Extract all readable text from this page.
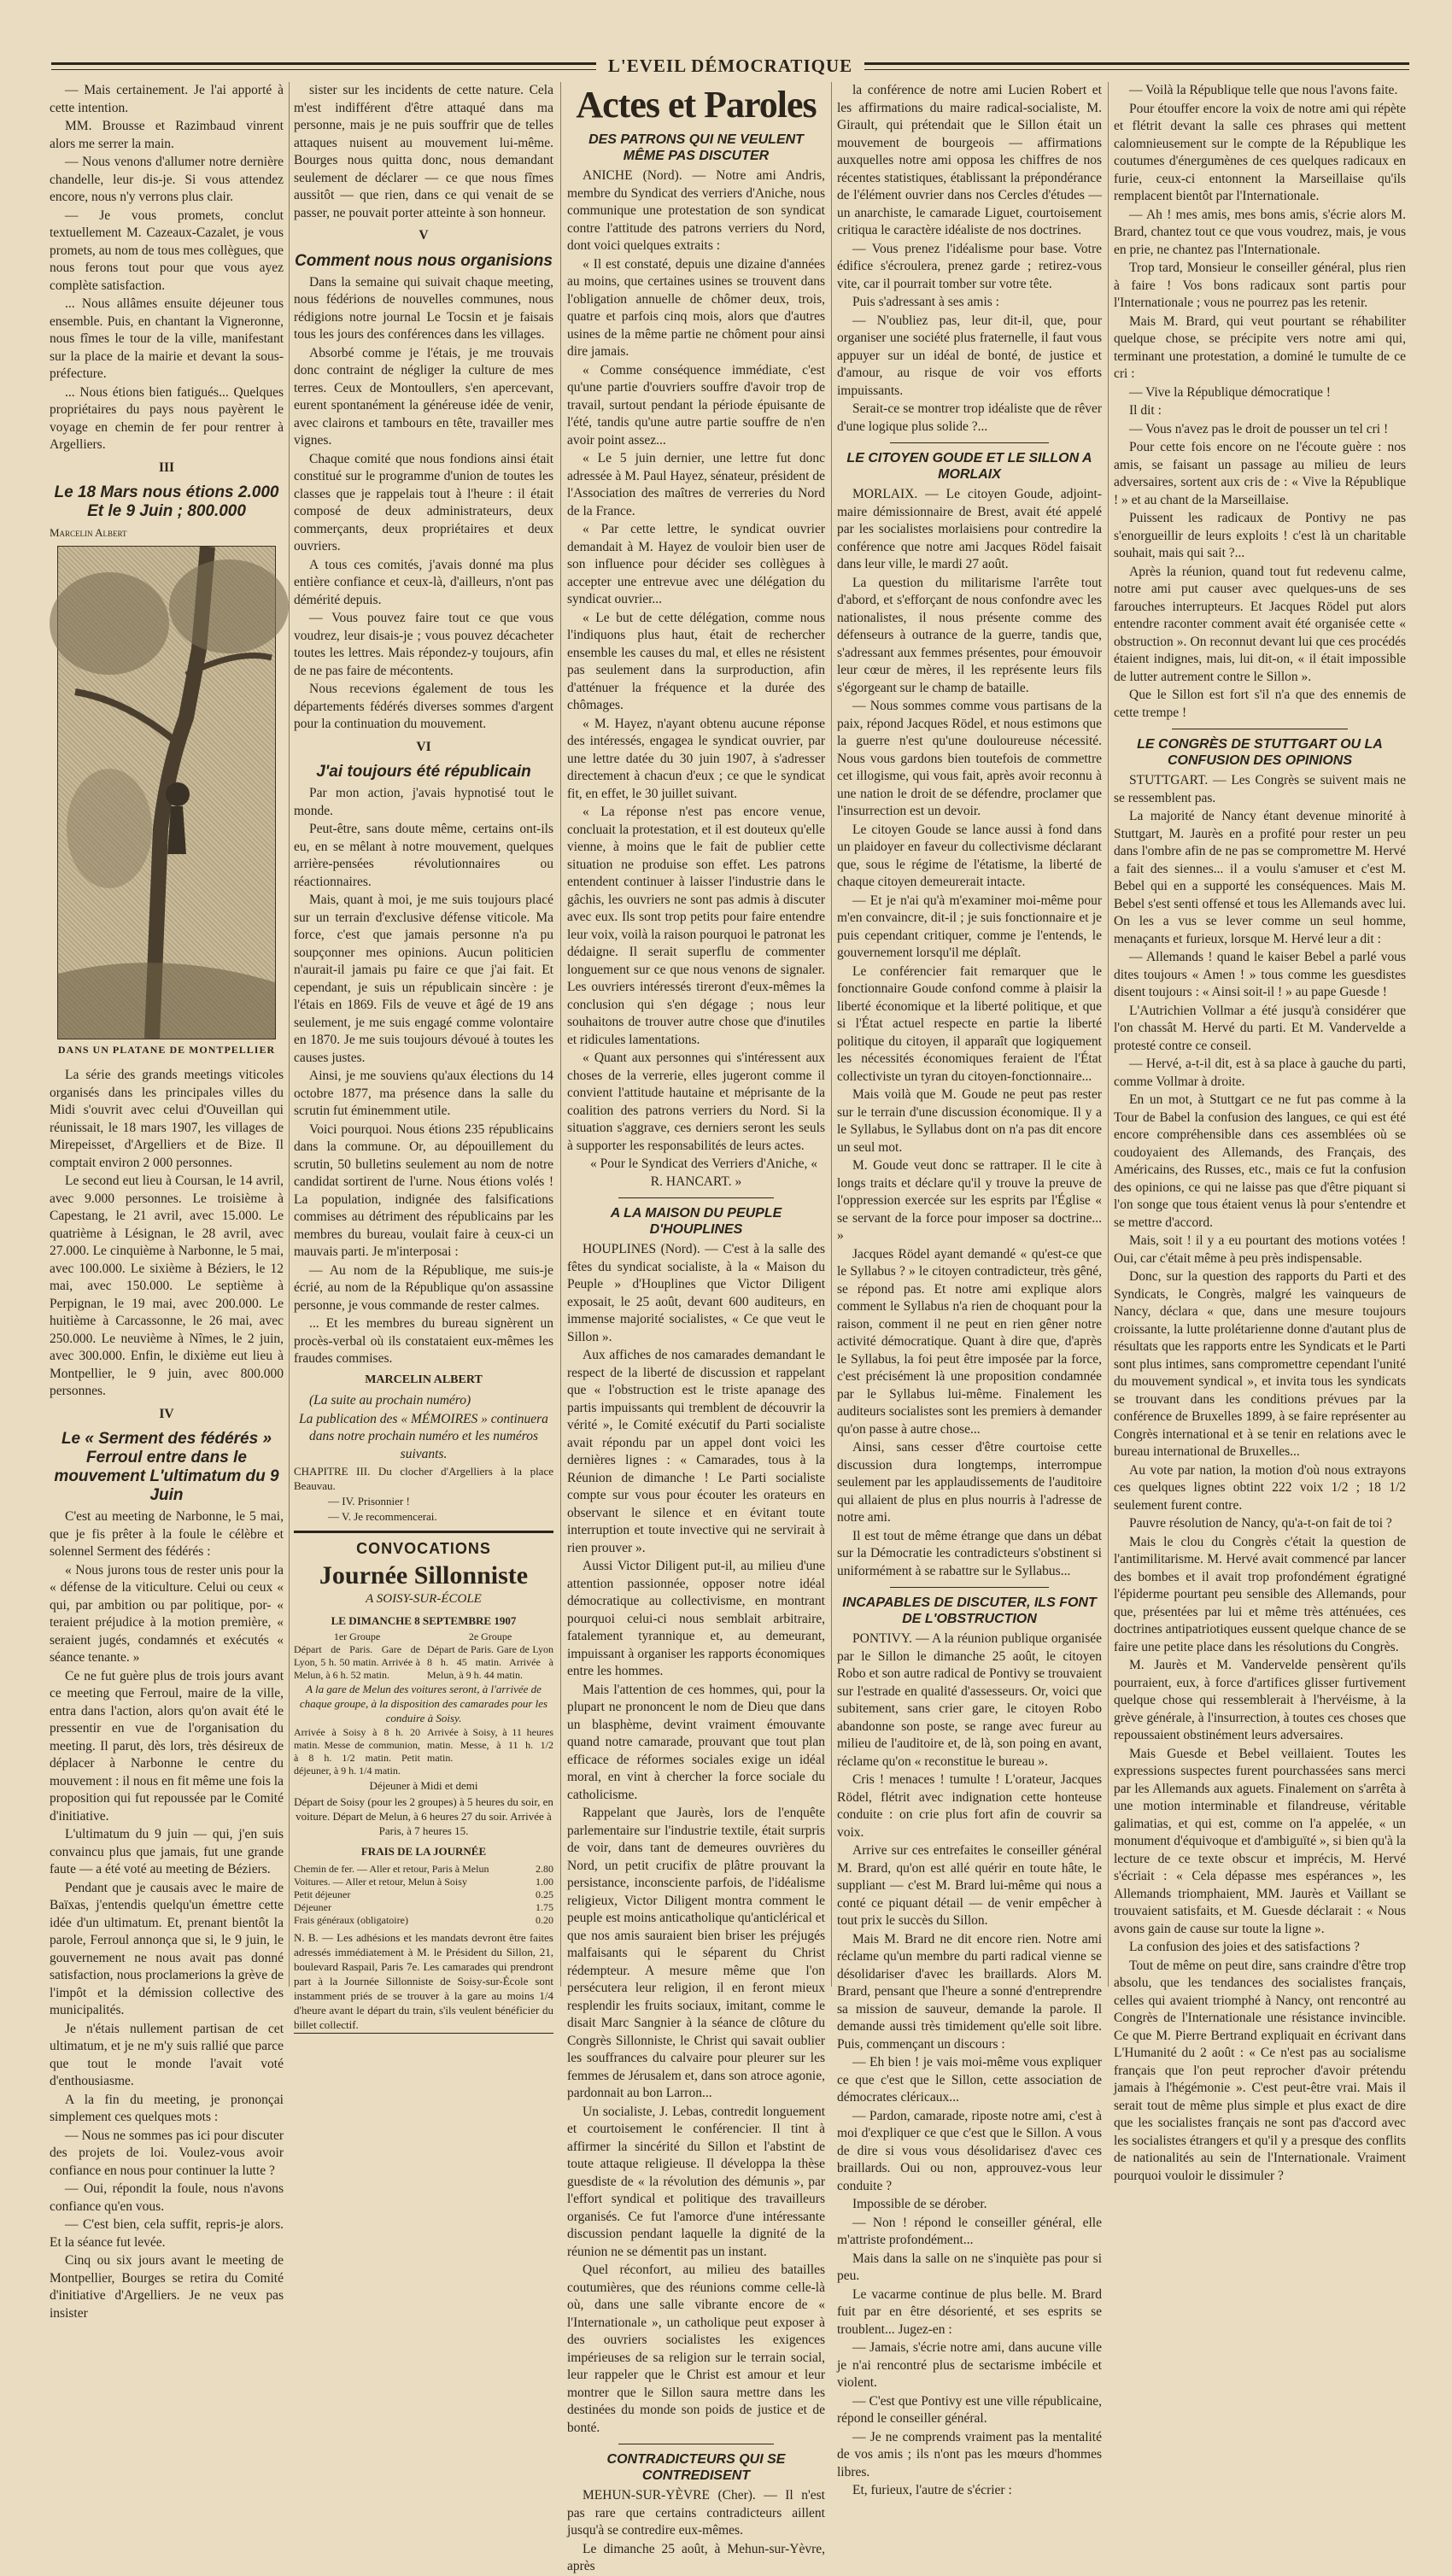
L'EVEIL DÉMOCRATIQUE

— Mais certainement. Je l'ai apporté à cette intention.

MM. Brousse et Razimbaud vinrent alors me serrer la main.

— Nous venons d'allumer notre dernière chandelle, leur dis-je. Si vous attendez encore, nous n'y verrons plus clair.

— Je vous promets, conclut textuellement M. Cazeaux-Cazalet, je vous promets, au nom de tous mes collègues, que nous ferons tout pour que vous ayez complète satisfaction.

... Nous allâmes ensuite déjeuner tous ensemble. Puis, en chantant la Vigneronne, nous fîmes le tour de la ville, manifestant sur la place de la mairie et devant la sous-préfecture.

... Nous étions bien fatigués... Quelques propriétaires du pays nous payèrent le voyage en chemin de fer pour rentrer à Argelliers.

III
Le 18 Mars nous étions 2.000 Et le 9 Juin ; 800.000
Marcelin Albert
DANS UN PLATANE DE MONTPELLIER

La série des grands meetings viticoles organisés dans les principales villes du Midi s'ouvrit avec celui d'Ouveillan qui réunissait, le 18 mars 1907, les villages de Mirepeisset, d'Argelliers et de Bize. Il comptait environ 2 000 personnes.

Le second eut lieu à Coursan, le 14 avril, avec 9.000 personnes. Le troisième à Capestang, le 21 avril, avec 15.000. Le quatrième à Lésignan, le 28 avril, avec 27.000. Le cinquième à Narbonne, le 5 mai, avec 100.000. Le sixième à Béziers, le 12 mai, avec 150.000. Le septième à Perpignan, le 19 mai, avec 200.000. Le huitième à Carcassonne, le 26 mai, avec 250.000. Le neuvième à Nîmes, le 2 juin, avec 300.000. Enfin, le dixième eut lieu à Montpellier, le 9 juin, avec 800.000 personnes.

IV
Le « Serment des fédérés » Ferroul entre dans le mouvement L'ultimatum du 9 Juin

C'est au meeting de Narbonne, le 5 mai, que je fis prêter à la foule le célèbre et solennel Serment des fédérés :

« Nous jurons tous de rester unis pour la « défense de la viticulture. Celui ou ceux « qui, par ambition ou par politique, por- « teraient préjudice à la motion première, « seraient jugés, condamnés et exécutés « séance tenante. »

Ce ne fut guère plus de trois jours avant ce meeting que Ferroul, maire de la ville, entra dans l'action, alors qu'on avait été le pressentir en vue de l'organisation du meeting. Il parut, dès lors, très désireux de déplacer à Narbonne le centre du mouvement : il nous en fit même une fois la proposition qui fut repoussée par le Comité d'initiative.

L'ultimatum du 9 juin — qui, j'en suis convaincu plus que jamais, fut une grande faute — a été voté au meeting de Béziers.

Pendant que je causais avec le maire de Baïxas, j'entendis quelqu'un émettre cette idée d'un ultimatum. Et, prenant bientôt la parole, Ferroul annonça que si, le 9 juin, le gouvernement ne nous avait pas donné satisfaction, nous proclamerions la grève de l'impôt et la démission collective des municipalités.

Je n'étais nullement partisan de cet ultimatum, et je ne m'y suis rallié que parce que tout le monde l'avait voté d'enthousiasme.

A la fin du meeting, je prononçai simplement ces quelques mots :

— Nous ne sommes pas ici pour discuter des projets de loi. Voulez-vous avoir confiance en nous pour continuer la lutte ?

— Oui, répondit la foule, nous n'avons confiance qu'en vous.

— C'est bien, cela suffit, repris-je alors. Et la séance fut levée.

Cinq ou six jours avant le meeting de Montpellier, Bourges se retira du Comité d'initiative d'Argelliers. Je ne veux pas insister

sister sur les incidents de cette nature. Cela m'est indifférent d'être attaqué dans ma personne, mais je ne puis souffrir que de telles attaques nuisent au mouvement lui-même. Bourges nous quitta donc, nous demandant seulement de déclarer — ce que nous fîmes aussitôt — que rien, dans ce qui venait de se passer, ne pouvait porter atteinte à son honneur.

V
Comment nous nous organisions

Dans la semaine qui suivait chaque meeting, nous fédérions de nouvelles communes, nous rédigions notre journal Le Tocsin et je faisais tous les jours des conférences dans les villages.

Absorbé comme je l'étais, je me trouvais donc contraint de négliger la culture de mes terres. Ceux de Montoullers, s'en apercevant, eurent spontanément la généreuse idée de venir, avec clairons et tambours en tête, travailler mes vignes.

Chaque comité que nous fondions ainsi était constitué sur le programme d'union de toutes les classes que je rappelais tout à l'heure : il était composé de deux administrateurs, deux commerçants, deux propriétaires et deux ouvriers.

A tous ces comités, j'avais donné ma plus entière confiance et ceux-là, d'ailleurs, n'ont pas démérité depuis.

— Vous pouvez faire tout ce que vous voudrez, leur disais-je ; vous pouvez décacheter toutes les lettres. Mais répondez-y toujours, afin de ne pas faire de mécontents.

Nous recevions également de tous les départements fédérés diverses sommes d'argent pour la continuation du mouvement.

VI
J'ai toujours été républicain

Par mon action, j'avais hypnotisé tout le monde.

Peut-être, sans doute même, certains ont-ils eu, en se mêlant à notre mouvement, quelques arrière-pensées révolutionnaires ou réactionnaires.

Mais, quant à moi, je me suis toujours placé sur un terrain d'exclusive défense viticole. Ma force, c'est que jamais personne n'a pu soupçonner mes opinions. Aucun politicien n'aurait-il jamais pu faire ce que j'ai fait. Et cependant, je suis un républicain sincère : je l'étais en 1869. Fils de veuve et âgé de 19 ans seulement, je me suis engagé comme volontaire en 1870. Je me suis toujours dévoué à toutes les causes justes.

Ainsi, je me souviens qu'aux élections du 14 octobre 1877, ma présence dans la salle du scrutin fut éminemment utile.

Voici pourquoi. Nous étions 235 républicains dans la commune. Or, au dépouillement du scrutin, 50 bulletins seulement au nom de notre candidat sortirent de l'urne. Nous étions volés ! La population, indignée des falsifications commises au détriment des républicains par les membres du bureau, voulait faire à ceux-ci un mauvais parti. Je m'interposai :

— Au nom de la République, me suis-je écrié, au nom de la République qu'on assassine personne, je vous commande de rester calmes.

... Et les membres du bureau signèrent un procès-verbal où ils constataient eux-mêmes les fraudes commises.

MARCELIN ALBERT

(La suite au prochain numéro)

La publication des « MÉMOIRES » continuera dans notre prochain numéro et les numéros suivants.

CHAPITRE III. Du clocher d'Argelliers à la place Beauvau.

— IV. Prisonnier !

— V. Je recommencerai.

CONVOCATIONS
Journée Sillonniste
A SOISY-SUR-ÉCOLE
LE DIMANCHE 8 SEPTEMBRE 1907
1er Groupe
Départ de Paris. Gare de Lyon, 5 h. 50 matin. Arrivée à Melun, à 6 h. 52 matin.
2e Groupe
Départ de Paris. Gare de Lyon 8 h. 45 matin. Arrivée à Melun, à 9 h. 44 matin.

A la gare de Melun des voitures seront, à l'arrivée de chaque groupe, à la disposition des camarades pour les conduire à Soisy.

Arrivée à Soisy à 8 h. 20 matin. Messe de communion, à 8 h. 1/2 matin. Petit déjeuner, à 9 h. 1/4 matin.
Arrivée à Soisy, à 11 heures matin. Messe, à 11 h. 1/2 matin.
Déjeuner à Midi et demi

Départ de Soisy (pour les 2 groupes) à 5 heures du soir, en voiture. Départ de Melun, à 6 heures 27 du soir. Arrivée à Paris, à 7 heures 15.

FRAIS DE LA JOURNÉE
Chemin de fer. — Aller et retour, Paris à Melun	2.80
Voitures. — Aller et retour, Melun à Soisy	1.00
Petit déjeuner	0.25
Déjeuner	1.75
Frais généraux (obligatoire)	0.20

N. B. — Les adhésions et les mandats devront être faites adressés immédiatement à M. le Président du Sillon, 21, boulevard Raspail, Paris 7e. Les camarades qui prendront part à la Journée Sillonniste de Soisy-sur-École sont instamment priés de se trouver à la gare au moins 1/4 d'heure avant le départ du train, s'ils veulent bénéficier du billet collectif.

Actes et Paroles
DES PATRONS QUI NE VEULENT MÊME PAS DISCUTER

ANICHE (Nord). — Notre ami Andris, membre du Syndicat des verriers d'Aniche, nous communique une protestation de son syndicat contre l'attitude des patrons verriers du Nord, dont voici quelques extraits :

« Il est constaté, depuis une dizaine d'années au moins, que certaines usines se trouvent dans l'obligation annuelle de chômer deux, trois, quatre et parfois cinq mois, alors que d'autres usines de la même partie ne chôment pour ainsi dire jamais.

« Comme conséquence immédiate, c'est qu'une partie d'ouvriers souffre d'avoir trop de travail, surtout pendant la période épuisante de l'été, tandis qu'une autre partie souffre de n'en avoir point assez...

« Le 5 juin dernier, une lettre fut donc adressée à M. Paul Hayez, sénateur, président de l'Association des maîtres de verreries du Nord de la France.

« Par cette lettre, le syndicat ouvrier demandait à M. Hayez de vouloir bien user de son influence pour décider ses collègues à accepter une entrevue avec une délégation du syndicat ouvrier...

« Le but de cette délégation, comme nous l'indiquons plus haut, était de rechercher ensemble les causes du mal, et elles ne résistent pas seulement dans la surproduction, afin d'atténuer la fréquence et la durée des chômages.

« M. Hayez, n'ayant obtenu aucune réponse des intéressés, engagea le syndicat ouvrier, par une lettre datée du 30 juin 1907, à s'adresser directement à chacun d'eux ; ce que le syndicat fit, en effet, le 30 juillet suivant.

« La réponse n'est pas encore venue, concluait la protestation, et il est douteux qu'elle vienne, à moins que le fait de publier cette situation ne produise son effet. Les patrons entendent continuer à laisser l'industrie dans le gâchis, les ouvriers ne sont pas admis à discuter avec eux. Ils sont trop petits pour faire entendre leur voix, voilà la raison pourquoi le patronat les dédaigne. Il serait superflu de commenter longuement sur ce que nous venons de signaler. Les ouvriers intéressés tireront d'eux-mêmes la conclusion qui s'en dégage ; nous leur souhaitons de trouver autre chose que d'inutiles et ridicules lamentations.

« Quant aux personnes qui s'intéressent aux choses de la verrerie, elles jugeront comme il convient l'attitude hautaine et méprisante de la coalition des patrons verriers du Nord. Si la situation s'aggrave, ces derniers seront les seuls à supporter les responsabilités de leurs actes.

« Pour le Syndicat des Verriers d'Aniche, « R. HANCART. »

A LA MAISON DU PEUPLE D'HOUPLINES

HOUPLINES (Nord). — C'est à la salle des fêtes du syndicat socialiste, à la « Maison du Peuple » d'Houplines que Victor Diligent exposait, le 25 août, devant 600 auditeurs, en immense majorité socialistes, « Ce que veut le Sillon ».

Aux affiches de nos camarades demandant le respect de la liberté de discussion et rappelant que « l'obstruction est le triste apanage des partis impuissants qui tremblent de découvrir la vérité », le Comité exécutif du Parti socialiste avait répondu par un appel dont voici les dernières lignes : « Camarades, tous à la Réunion de dimanche ! Le Parti socialiste compte sur vous pour écouter les orateurs en observant le silence et en évitant toute interruption et toute invective qui ne servirait à rien prouver ».

Aussi Victor Diligent put-il, au milieu d'une attention passionnée, opposer notre idéal démocratique au collectivisme, en montrant pourquoi celui-ci nous semblait arbitraire, fatalement tyrannique et, au demeurant, impuissant à organiser les rapports économiques entre les hommes.

Mais l'attention de ces hommes, qui, pour la plupart ne prononcent le nom de Dieu que dans un blasphème, devint vraiment émouvante quand notre camarade, prouvant que tout plan efficace de réformes sociales exige un idéal moral, en vint à chercher la force sociale du catholicisme.

Rappelant que Jaurès, lors de l'enquête parlementaire sur l'industrie textile, était surpris de voir, dans tant de demeures ouvrières du Nord, un petit crucifix de plâtre prouvant la persistance, inconsciente parfois, de l'idéalisme religieux, Victor Diligent montra comment le peuple est moins anticatholique qu'anticlérical et que nos amis sauraient bien briser les préjugés malfaisants qui le séparent du Christ rédempteur. A mesure même que l'on persécutera leur religion, il en feront mieux resplendir les fruits sociaux, imitant, comme le disait Marc Sangnier à la séance de clôture du Congrès Sillonniste, le Christ qui savait oublier les souffrances du calvaire pour pleurer sur les femmes de Jérusalem et, dans son atroce agonie, pardonnait au bon Larron...

Un socialiste, J. Lebas, contredit longuement et courtoisement le conférencier. Il tint à affirmer la sincérité du Sillon et l'abstint de toute attaque religieuse. Il développa la thèse guesdiste de « la révolution des démunis », par l'effort syndical et politique des travailleurs organisés. Ce fut l'amorce d'une intéressante discussion pendant laquelle la dignité de la réunion ne se démentit pas un instant.

Quel réconfort, au milieu des batailles coutumières, que des réunions comme celle-là où, dans une salle vibrante encore de « l'Internationale », un catholique peut exposer à des ouvriers socialistes les exigences impérieuses de sa religion sur le terrain social, leur rappeler que le Christ est amour et leur montrer que le Sillon saura mettre dans les destinées du monde son poids de justice et de bonté.

CONTRADICTEURS QUI SE CONTREDISENT

MEHUN-SUR-YÈVRE (Cher). — Il n'est pas rare que certains contradicteurs aillent jusqu'à se contredire eux-mêmes.

Le dimanche 25 août, à Mehun-sur-Yèvre, après

la conférence de notre ami Lucien Robert et les affirmations du maire radical-socialiste, M. Girault, qui prétendait que le Sillon était un mouvement de bourgeois — affirmations auxquelles notre ami opposa les chiffres de nos récentes statistiques, établissant la prépondérance de l'élément ouvrier dans nos Cercles d'études — un anarchiste, le camarade Liguet, courtoisement critiqua le caractère idéaliste de nos doctrines.

— Vous prenez l'idéalisme pour base. Votre édifice s'écroulera, prenez garde ; retirez-vous vite, car il pourrait tomber sur votre tête.

Puis s'adressant à ses amis :

— N'oubliez pas, leur dit-il, que, pour organiser une société plus fraternelle, il faut vous appuyer sur un idéal de bonté, de justice et d'amour, au risque de voir vos efforts impuissants.

Serait-ce se montrer trop idéaliste que de rêver d'une logique plus solide ?...

LE CITOYEN GOUDE ET LE SILLON A MORLAIX

MORLAIX. — Le citoyen Goude, adjoint-maire démissionnaire de Brest, avait été appelé par les socialistes morlaisiens pour contredire la conférence que notre ami Jacques Rödel faisait dans leur ville, le mardi 27 août.

La question du militarisme l'arrête tout d'abord, et s'efforçant de nous confondre avec les nationalistes, il nous présente comme des défenseurs à outrance de la guerre, tandis que, s'adressant aux femmes présentes, pour émouvoir leur cœur de mères, il les représente leurs fils s'égorgeant sur le champ de bataille.

— Nous sommes comme vous partisans de la paix, répond Jacques Rödel, et nous estimons que la guerre n'est qu'une douloureuse nécessité. Nous vous gardons bien toutefois de commettre cet illogisme, qui vous fait, après avoir reconnu à une nation le droit de se défendre, proclamer que l'insurrection est un devoir.

Le citoyen Goude se lance aussi à fond dans un plaidoyer en faveur du collectivisme déclarant que, sous le régime de l'étatisme, la liberté de chaque citoyen demeurerait intacte.

— Et je n'ai qu'à m'examiner moi-même pour m'en convaincre, dit-il ; je suis fonctionnaire et je puis cependant critiquer, comme je l'entends, le gouvernement lorsqu'il me déplaît.

Le conférencier fait remarquer que le fonctionnaire Goude confond comme à plaisir la liberté économique et la liberté politique, et que si l'État actuel respecte en partie la liberté politique du citoyen, il apparaît que logiquement les nécessités économiques feraient de l'État collectiviste un tyran du citoyen-fonctionnaire...

Mais voilà que M. Goude ne peut pas rester sur le terrain d'une discussion économique. Il y a le Syllabus, le Syllabus dont on n'a pas dit encore un seul mot.

M. Goude veut donc se rattraper. Il le cite à longs traits et déclare qu'il y trouve la preuve de l'oppression exercée sur les esprits par l'Église « se servant de la force pour imposer sa doctrine... »

Jacques Rödel ayant demandé « qu'est-ce que le Syllabus ? » le citoyen contradicteur, très gêné, se répond pas. Et notre ami explique alors comment le Syllabus n'a rien de choquant pour la raison, comment il ne peut en rien gêner notre activité démocratique. Quant à dire que, d'après le Syllabus, la foi peut être imposée par la force, c'est précisément là une proposition condamnée par le Syllabus lui-même. Finalement les auditeurs socialistes sont les premiers à demander qu'on passe à autre chose...

Ainsi, sans cesser d'être courtoise cette discussion dura longtemps, interrompue seulement par les applaudissements de l'auditoire qui allaient de plus en plus nourris à l'adresse de notre ami.

Il est tout de même étrange que dans un débat sur la Démocratie les contradicteurs s'obstinent si uniformément à se rabattre sur le Syllabus...

INCAPABLES DE DISCUTER, ILS FONT DE L'OBSTRUCTION

PONTIVY. — A la réunion publique organisée par le Sillon le dimanche 25 août, le citoyen Robo et son autre radical de Pontivy se trouvaient sur l'estrade en qualité d'assesseurs. Or, voici que subitement, sans crier gare, le citoyen Robo abandonne son poste, se range avec fureur au milieu de l'auditoire et, de là, son poing en avant, réclame qu'on « reconstitue le bureau ».

Cris ! menaces ! tumulte ! L'orateur, Jacques Rödel, flétrit avec indignation cette honteuse conduite : on crie plus fort afin de couvrir sa voix.

Arrive sur ces entrefaites le conseiller général M. Brard, qu'on est allé quérir en toute hâte, le suppliant — c'est M. Brard lui-même qui nous a conté ce piquant détail — de venir empêcher à tout prix le succès du Sillon.

Mais M. Brard ne dit encore rien. Notre ami réclame qu'un membre du parti radical vienne se désolidariser d'avec les braillards. Alors M. Brard, pensant que l'heure a sonné d'entreprendre sa mission de sauveur, demande la parole. Il demande aussi très timidement qu'elle soit libre. Puis, commençant un discours :

— Eh bien ! je vais moi-même vous expliquer ce que c'est que le Sillon, cette association de démocrates cléricaux...

— Pardon, camarade, riposte notre ami, c'est à moi d'expliquer ce que c'est que le Sillon. A vous de dire si vous vous désolidarisez d'avec ces braillards. Oui ou non, approuvez-vous leur conduite ?

Impossible de se dérober.

— Non ! répond le conseiller général, elle m'attriste profondément...

Mais dans la salle on ne s'inquiète pas pour si peu.

Le vacarme continue de plus belle. M. Brard fuit par en être désorienté, et ses esprits se troublent... Jugez-en :

— Jamais, s'écrie notre ami, dans aucune ville je n'ai rencontré plus de sectarisme imbécile et violent.

— C'est que Pontivy est une ville républicaine, répond le conseiller général.

— Je ne comprends vraiment pas la mentalité de vos amis ; ils n'ont pas les mœurs d'hommes libres.

Et, furieux, l'autre de s'écrier :

— Voilà la République telle que nous l'avons faite.

Pour étouffer encore la voix de notre ami qui répète et flétrit devant la salle ces phrases qui mettent calomnieusement sur le compte de la République les coutumes d'énergumènes de ces quelques radicaux en furie, ceux-ci entonnent la Marseillaise qu'ils remplacent bientôt par l'Internationale.

— Ah ! mes amis, mes bons amis, s'écrie alors M. Brard, chantez tout ce que vous voudrez, mais, je vous en prie, ne chantez pas l'Internationale.

Trop tard, Monsieur le conseiller général, plus rien à faire ! Vos bons radicaux sont partis pour l'Internationale ; vous ne pourrez pas les retenir.

Mais M. Brard, qui veut pourtant se réhabiliter quelque chose, se précipite vers notre ami qui, terminant une protestation, a dominé le tumulte de ce cri :

— Vive la République démocratique !

Il dit :

— Vous n'avez pas le droit de pousser un tel cri !

Pour cette fois encore on ne l'écoute guère : nos amis, se faisant un passage au milieu de leurs adversaires, sortent aux cris de : « Vive la République ! » et au chant de la Marseillaise.

Puissent les radicaux de Pontivy ne pas s'enorgueillir de leurs exploits ! c'est là un charitable souhait, mais qui sait ?...

Après la réunion, quand tout fut redevenu calme, notre ami put causer avec quelques-uns de ses farouches interrupteurs. Et Jacques Rödel put alors entendre raconter comment avait été organisée cette « obstruction ». On reconnut devant lui que ces procédés étaient indignes, mais, lui dit-on, « il était impossible de lutter autrement contre le Sillon ».

Que le Sillon est fort s'il n'a que des ennemis de cette trempe !

LE CONGRÈS DE STUTTGART OU LA CONFUSION DES OPINIONS

STUTTGART. — Les Congrès se suivent mais ne se ressemblent pas.

La majorité de Nancy étant devenue minorité à Stuttgart, M. Jaurès en a profité pour rester un peu dans l'ombre afin de ne pas se compromettre M. Hervé a fait des siennes... il a voulu s'amuser et c'est M. Bebel qui en a supporté les conséquences. Mais M. Bebel s'est senti offensé et tous les Allemands avec lui. On les a vus se lever comme un seul homme, menaçants et furieux, lorsque M. Hervé leur a dit :

— Allemands ! quand le kaiser Bebel a parlé vous dites toujours « Amen ! » tous comme les guesdistes disent toujours : « Ainsi soit-il ! » au pape Guesde !

L'Autrichien Vollmar a été jusqu'à considérer que l'on chassât M. Hervé du parti. Et M. Vandervelde a protesté contre ce conseil.

— Hervé, a-t-il dit, est à sa place à gauche du parti, comme Vollmar à droite.

En un mot, à Stuttgart ce ne fut pas comme à la Tour de Babel la confusion des langues, ce qui est été encore compréhensible dans ces assemblées où se coudoyaient des Allemands, des Français, des Américains, des Russes, etc., mais ce fut la confusion des opinions, ce qui ne laisse pas que d'être piquant si l'on songe que tous étaient venus là pour s'entendre et se mettre d'accord.

Mais, soit ! il y a eu pourtant des motions votées ! Oui, car c'était même à peu près indispensable.

Donc, sur la question des rapports du Parti et des Syndicats, le Congrès, malgré les vainqueurs de Nancy, déclara « que, dans une mesure toujours croissante, la lutte prolétarienne donne d'autant plus de résultats que les rapports entre les Syndicats et le Parti sont plus intimes, sans compromettre cependant l'unité du mouvement syndical », et invita tous les syndicats se trouvant dans les conditions prévues par la conférence de Bruxelles 1899, à se faire représenter au Congrès international et à se tenir en relations avec le bureau international de Bruxelles...

Au vote par nation, la motion d'où nous extrayons ces quelques lignes obtint 222 voix 1/2 ; 18 1/2 seulement furent contre.

Pauvre résolution de Nancy, qu'a-t-on fait de toi ?

Mais le clou du Congrès c'était la question de l'antimilitarisme. M. Hervé avait commencé par lancer des bombes et il avait trop profondément égratigné l'épiderme pourtant peu sensible des Allemands, pour que, présentées par lui et même très atténuées, ces doctrines antipatriotiques eussent quelque chance de se faire une petite place dans les résolutions du Congrès.

M. Jaurès et M. Vandervelde pensèrent qu'ils pourraient, eux, à force d'artifices glisser furtivement quelque chose qui ressemblerait à l'hervéisme, à la grève générale, à l'insurrection, à toutes ces choses que repoussaient obstinément leurs adversaires.

Mais Guesde et Bebel veillaient. Toutes les expressions suspectes furent pourchassées sans merci par les Allemands aux aguets. Finalement on s'arrêta à une motion interminable et filandreuse, véritable galimatias, et qui est, comme on l'a appelée, « un monument d'équivoque et d'ambiguïté », si bien qu'à la lecture de ce texte obscur et imprécis, M. Hervé s'écriait : « Cela dépasse mes espérances », les Allemands triomphaient, MM. Jaurès et Vaillant se trouvaient satisfaits, et M. Guesde déclarait : « Nous avons gain de cause sur toute la ligne ».

La confusion des joies et des satisfactions ?

Tout de même on peut dire, sans craindre d'être trop absolu, que les tendances des socialistes français, celles qui avaient triomphé à Nancy, ont rencontré au Congrès de l'Internationale une résistance invincible. Ce que M. Pierre Bertrand expliquait en écrivant dans L'Humanité du 2 août : « Ce n'est pas au socialisme français que l'on peut reprocher d'avoir prétendu jamais à l'hégémonie ». C'est peut-être vrai. Mais il serait tout de même plus simple et plus exact de dire que les socialistes français ne sont pas d'accord avec les socialistes étrangers et qu'il y a presque des conflits de nationalités au sein de l'Internationale. Vraiment pourquoi vouloir le dissimuler ?
